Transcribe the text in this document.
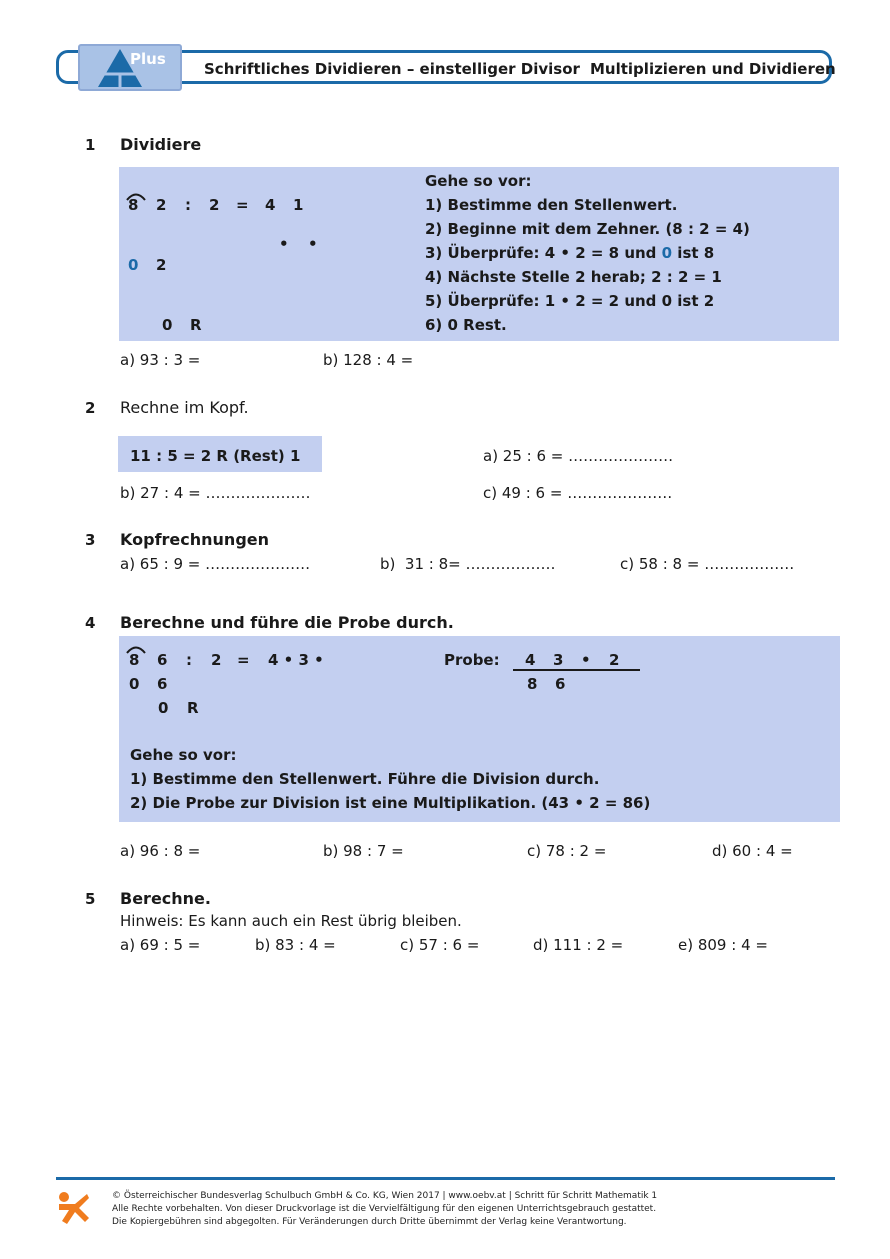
Plus
Schriftliches Dividieren – einstelliger Divisor Multiplizieren und Dividieren
1 Dividiere
8 2 : 2 = 4 1
• •
0 2
0 R
Gehe so vor:
1) Bestimme den Stellenwert.
2) Beginne mit dem Zehner. (8 : 2 = 4)
3) Überprüfe: 4 • 2 = 8 und 0 ist 8
4) Nächste Stelle 2 herab; 2 : 2 = 1
5) Überprüfe: 1 • 2 = 2 und 0 ist 2
6) 0 Rest.
a) 93 : 3 =	b) 128 : 4 =
2 Rechne im Kopf.
11 : 5 = 2 R (Rest) 1	a) 25 : 6 = …………………
b) 27 : 4 = …………………	c) 49 : 6 = …………………
3 Kopfrechnungen
a) 65 : 9 = …………………	b)  31 : 8= ………………	c) 58 : 8 = ………………
4 Berechne und führe die Probe durch.
8 6 : 2 = 4 • 3 •
0 6
0 R
Probe: 4 3 • 2
8 6
Gehe so vor:
1) Bestimme den Stellenwert. Führe die Division durch.
2) Die Probe zur Division ist eine Multiplikation. (43 • 2 = 86)
a) 96 : 8 =	b) 98 : 7 =	c) 78 : 2 =	d) 60 : 4 =
5 Berechne.
Hinweis: Es kann auch ein Rest übrig bleiben.
a) 69 : 5 =	b) 83 : 4 =	c) 57 : 6 =	d) 111 : 2 =	e) 809 : 4 =
© Österreichischer Bundesverlag Schulbuch GmbH & Co. KG, Wien 2017 | www.oebv.at | Schritt für Schritt Mathematik 1
Alle Rechte vorbehalten. Von dieser Druckvorlage ist die Vervielfältigung für den eigenen Unterrichtsgebrauch gestattet.
Die Kopiergebühren sind abgegolten. Für Veränderungen durch Dritte übernimmt der Verlag keine Verantwortung.
